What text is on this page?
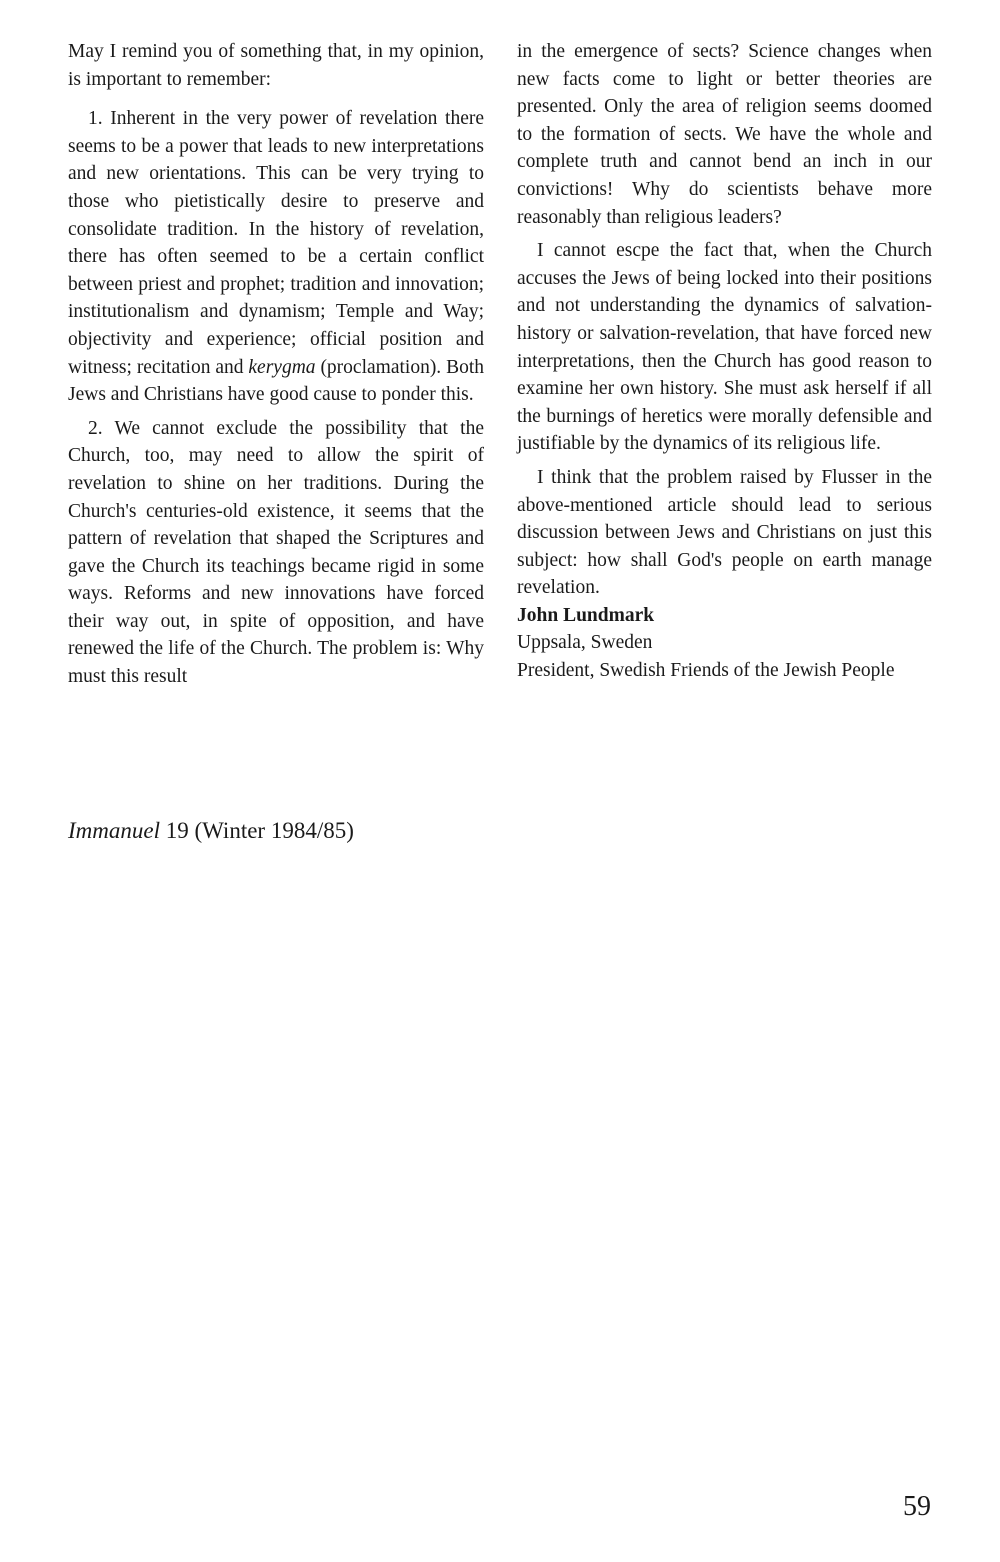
May I remind you of something that, in my opinion, is important to remember:

1. Inherent in the very power of revelation there seems to be a power that leads to new interpretations and new orientations. This can be very trying to those who pietistically desire to preserve and consolidate tradition. In the history of revelation, there has often seemed to be a certain conflict between priest and prophet; tradition and innovation; institutionalism and dynamism; Temple and Way; objectivity and experience; official position and witness; recitation and kerygma (proclamation). Both Jews and Christians have good cause to ponder this.

2. We cannot exclude the possibility that the Church, too, may need to allow the spirit of revelation to shine on her traditions. During the Church's centuries-old existence, it seems that the pattern of revelation that shaped the Scriptures and gave the Church its teachings became rigid in some ways. Reforms and new innovations have forced their way out, in spite of opposition, and have renewed the life of the Church. The problem is: Why must this result

in the emergence of sects? Science changes when new facts come to light or better theories are presented. Only the area of religion seems doomed to the formation of sects. We have the whole and complete truth and cannot bend an inch in our convictions! Why do scientists behave more reasonably than religious leaders?

I cannot escpe the fact that, when the Church accuses the Jews of being locked into their positions and not understanding the dynamics of salvation-history or salvation-revelation, that have forced new interpretations, then the Church has good reason to examine her own history. She must ask herself if all the burnings of heretics were morally defensible and justifiable by the dynamics of its religious life.

I think that the problem raised by Flusser in the above-mentioned article should lead to serious discussion between Jews and Christians on just this subject: how shall God's people on earth manage revelation.

John Lundmark

Uppsala, Sweden

President, Swedish Friends of the Jewish People

Immanuel 19 (Winter 1984/85)
59
